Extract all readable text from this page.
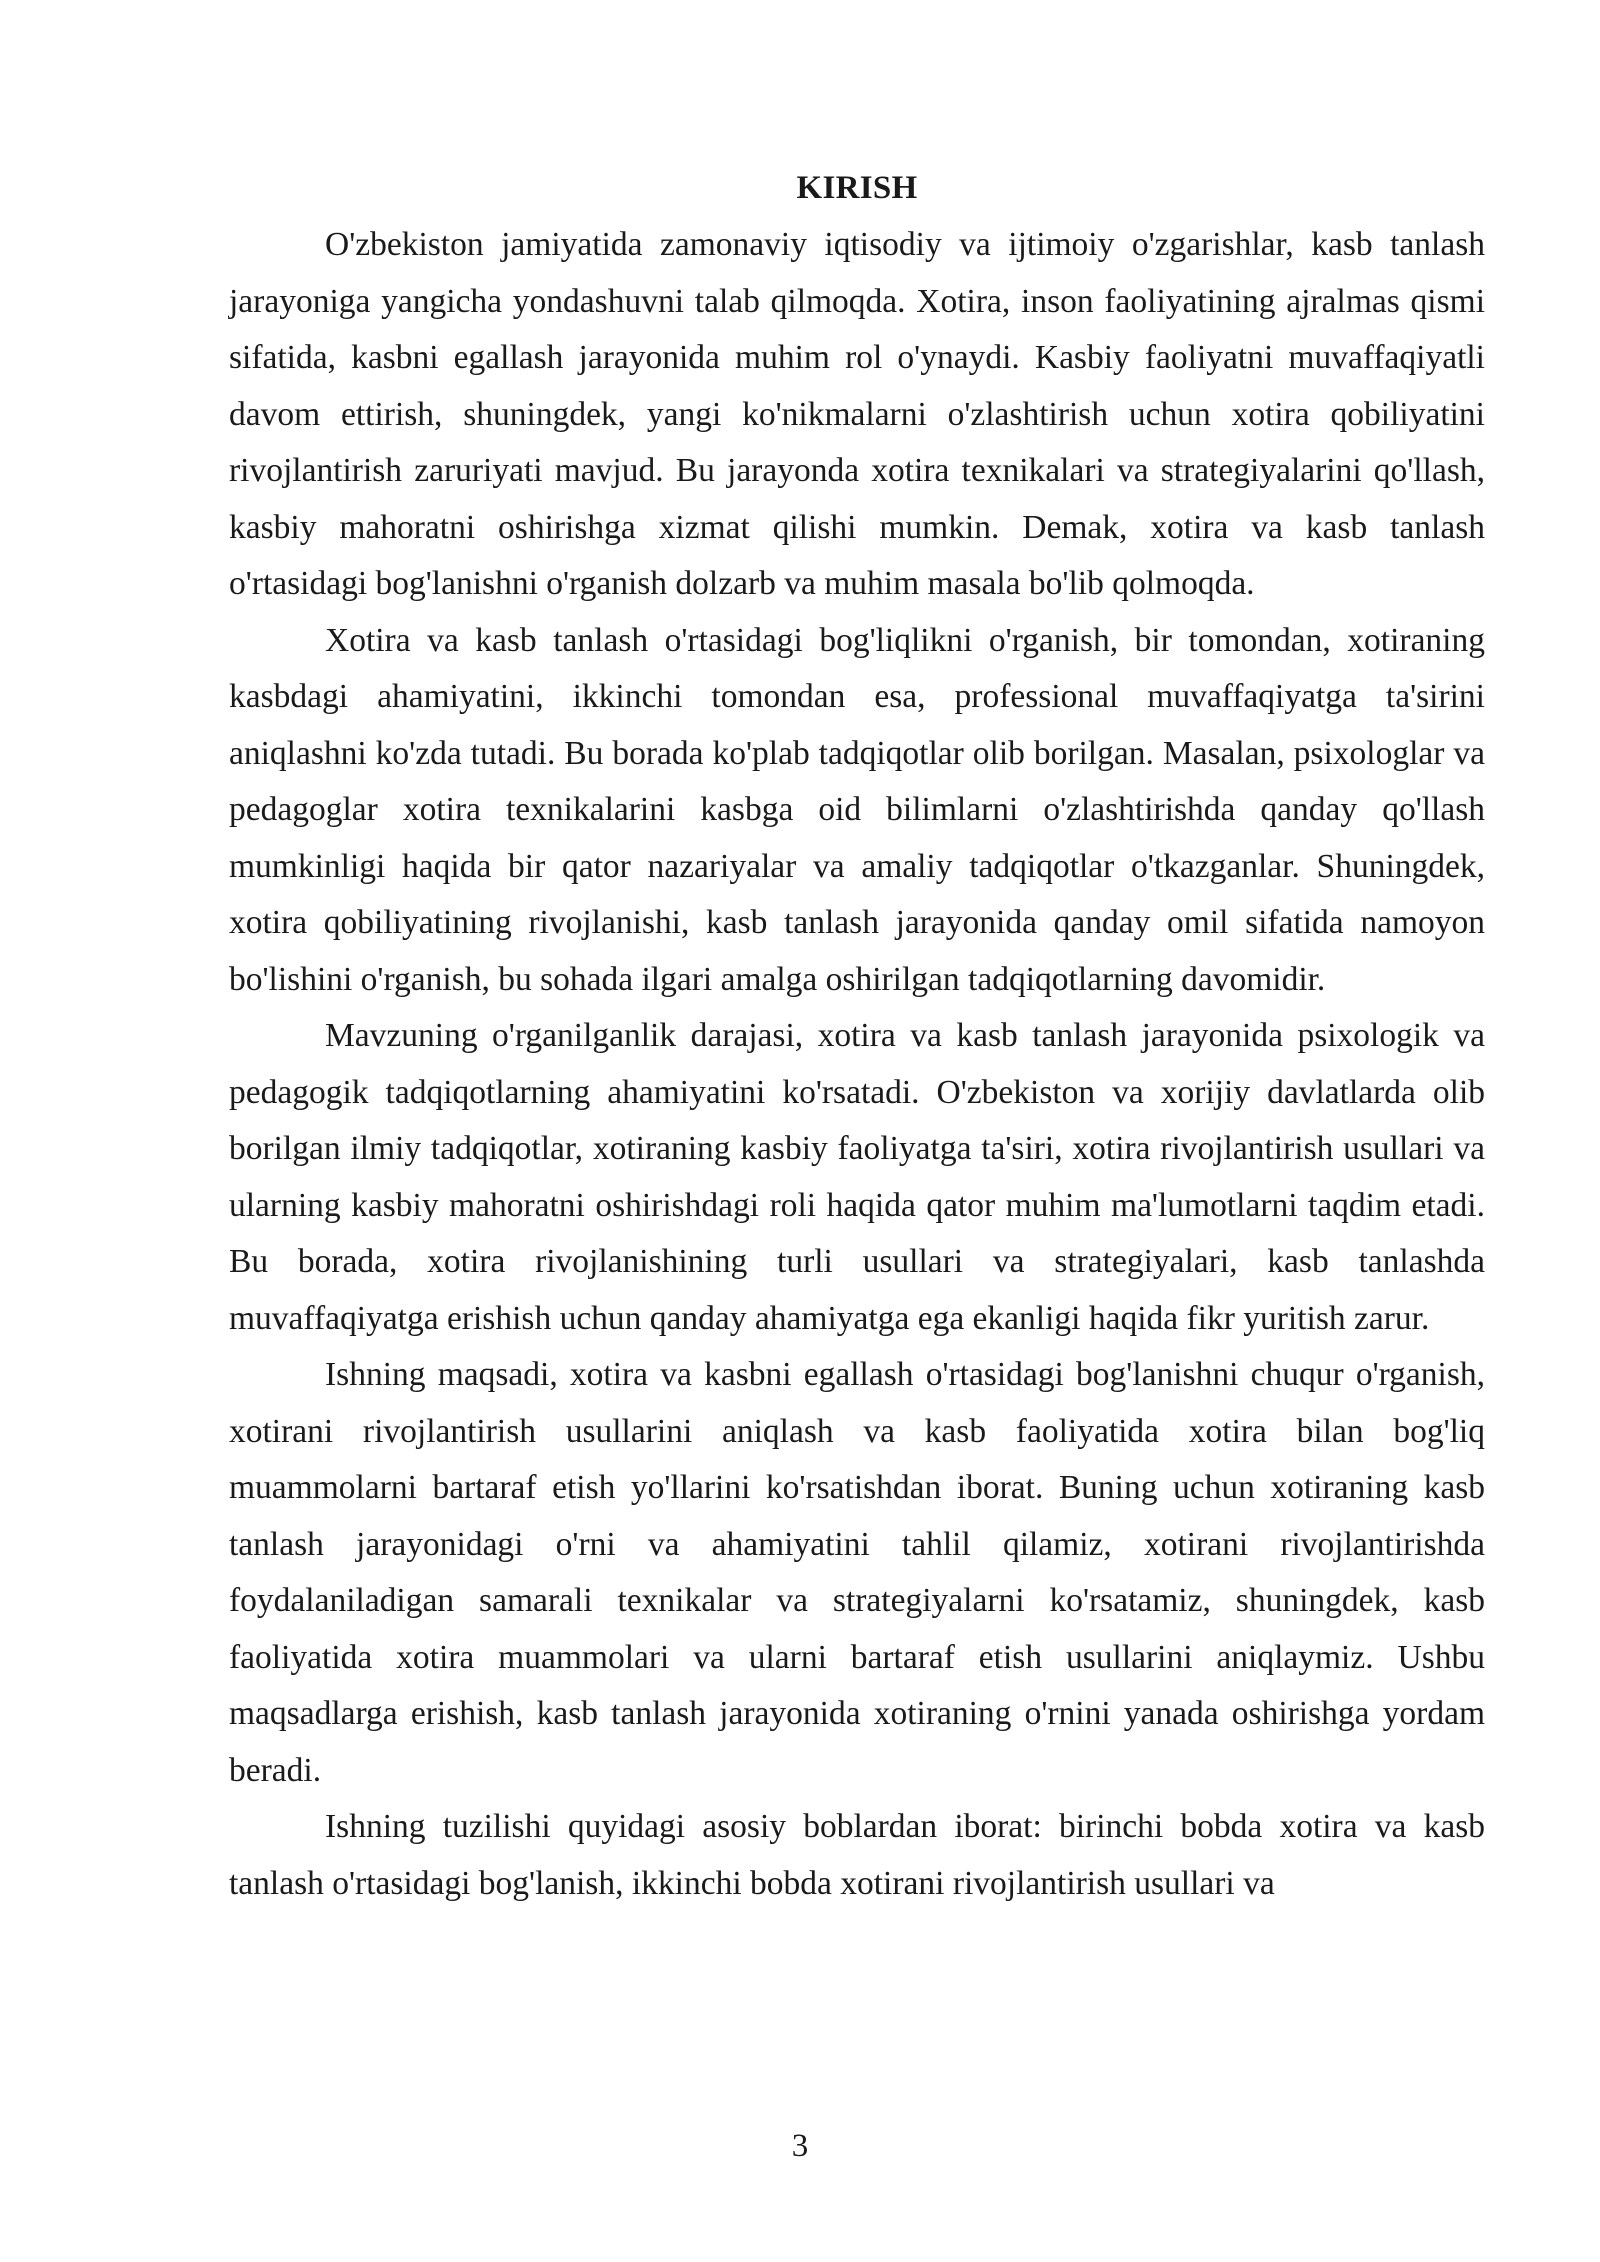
KIRISH

O'zbekiston jamiyatida zamonaviy iqtisodiy va ijtimoiy o'zgarishlar, kasb tanlash jarayoniga yangicha yondashuvni talab qilmoqda. Xotira, inson faoliyatining ajralmas qismi sifatida, kasbni egallash jarayonida muhim rol o'ynaydi. Kasbiy faoliyatni muvaffaqiyatli davom ettirish, shuningdek, yangi ko'nikmalarni o'zlashtirish uchun xotira qobiliyatini rivojlantirish zaruriyati mavjud. Bu jarayonda xotira texnikalari va strategiyalarini qo'llash, kasbiy mahoratni oshirishga xizmat qilishi mumkin. Demak, xotira va kasb tanlash o'rtasidagi bog'lanishni o'rganish dolzarb va muhim masala bo'lib qolmoqda.

Xotira va kasb tanlash o'rtasidagi bog'liqlikni o'rganish, bir tomondan, xotiraning kasbdagi ahamiyatini, ikkinchi tomondan esa, professional muvaffaqiyatga ta'sirini aniqlashni ko'zda tutadi. Bu borada ko'plab tadqiqotlar olib borilgan. Masalan, psixologlar va pedagoglar xotira texnikalarini kasbga oid bilimlarni o'zlashtirishda qanday qo'llash mumkinligi haqida bir qator nazariyalar va amaliy tadqiqotlar o'tkazganlar. Shuningdek, xotira qobiliyatining rivojlanishi, kasb tanlash jarayonida qanday omil sifatida namoyon bo'lishini o'rganish, bu sohada ilgari amalga oshirilgan tadqiqotlarning davomidir.

Mavzuning o'rganilganlik darajasi, xotira va kasb tanlash jarayonida psixologik va pedagogik tadqiqotlarning ahamiyatini ko'rsatadi. O'zbekiston va xorijiy davlatlarda olib borilgan ilmiy tadqiqotlar, xotiraning kasbiy faoliyatga ta'siri, xotira rivojlantirish usullari va ularning kasbiy mahoratni oshirishdagi roli haqida qator muhim ma'lumotlarni taqdim etadi. Bu borada, xotira rivojlanishining turli usullari va strategiyalari, kasb tanlashda muvaffaqiyatga erishish uchun qanday ahamiyatga ega ekanligi haqida fikr yuritish zarur.

Ishning maqsadi, xotira va kasbni egallash o'rtasidagi bog'lanishni chuqur o'rganish, xotirani rivojlantirish usullarini aniqlash va kasb faoliyatida xotira bilan bog'liq muammolarni bartaraf etish yo'llarini ko'rsatishdan iborat. Buning uchun xotiraning kasb tanlash jarayonidagi o'rni va ahamiyatini tahlil qilamiz, xotirani rivojlantirishda foydalaniladigan samarali texnikalar va strategiyalarni ko'rsatamiz, shuningdek, kasb faoliyatida xotira muammolari va ularni bartaraf etish usullarini aniqlaymiz. Ushbu maqsadlarga erishish, kasb tanlash jarayonida xotiraning o'rnini yanada oshirishga yordam beradi.

Ishning tuzilishi quyidagi asosiy boblardan iborat: birinchi bobda xotira va kasb tanlash o'rtasidagi bog'lanish, ikkinchi bobda xotirani rivojlantirish usullari va

3
